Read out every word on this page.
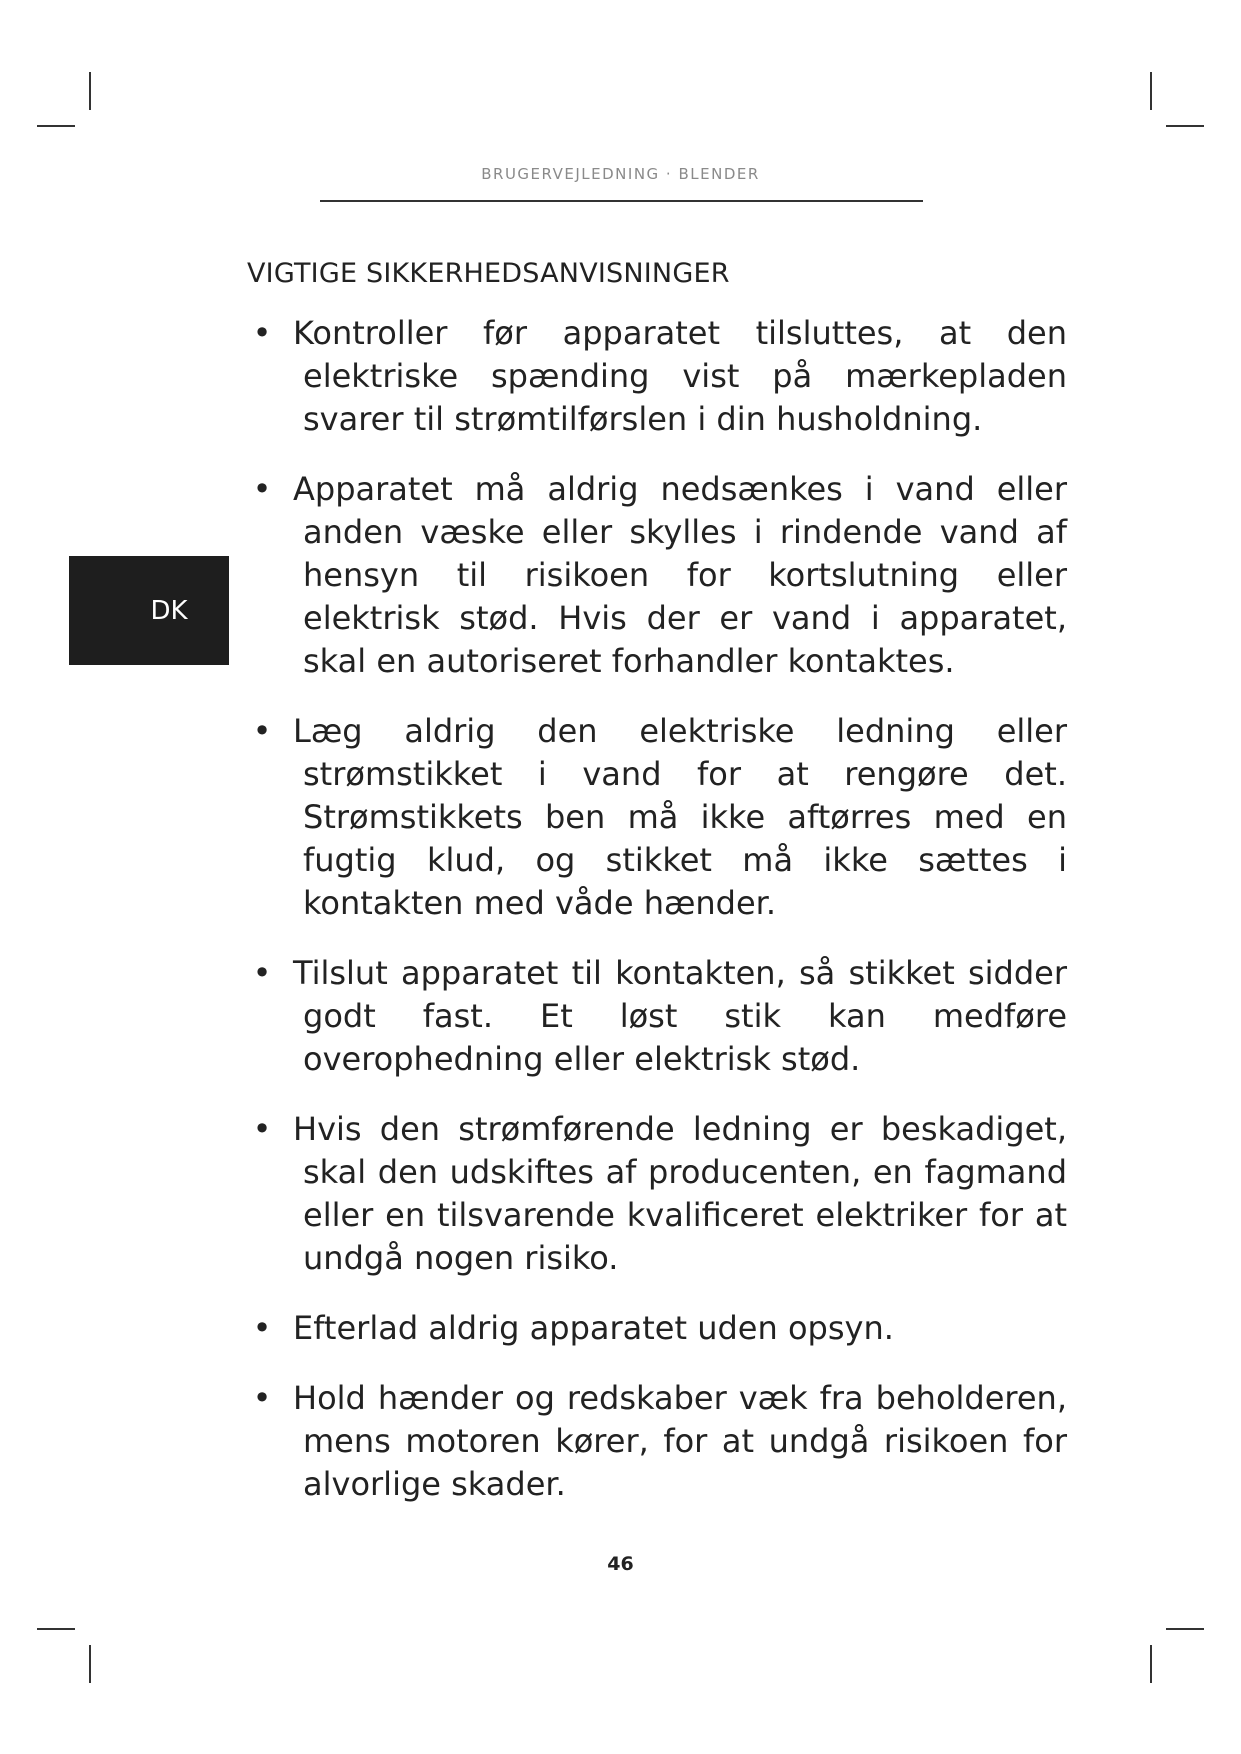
BRUGERVEJLEDNING · BLENDER
VIGTIGE SIKKERHEDSANVISNINGER
DK
• Kontroller før apparatet tilsluttes, at den elektriske spænding vist på mærkepladen svarer til strømtilførslen i din husholdning.
• Apparatet må aldrig nedsænkes i vand eller anden væske eller skylles i rindende vand af hensyn til risikoen for kortslutning eller elektrisk stød. Hvis der er vand i apparatet, skal en autoriseret forhandler kontaktes.
• Læg aldrig den elektriske ledning eller strømstikket i vand for at rengøre det. Strømstikkets ben må ikke aftørres med en fugtig klud, og stikket må ikke sættes i kontakten med våde hænder.
• Tilslut apparatet til kontakten, så stikket sidder godt fast. Et løst stik kan medføre overophedning eller elektrisk stød.
• Hvis den strømførende ledning er beskadiget, skal den udskiftes af producenten, en fagmand eller en tilsvarende kvalificeret elektriker for at undgå nogen risiko.
• Efterlad aldrig apparatet uden opsyn.
• Hold hænder og redskaber væk fra beholderen, mens motoren kører, for at undgå risikoen for alvorlige skader.
46
